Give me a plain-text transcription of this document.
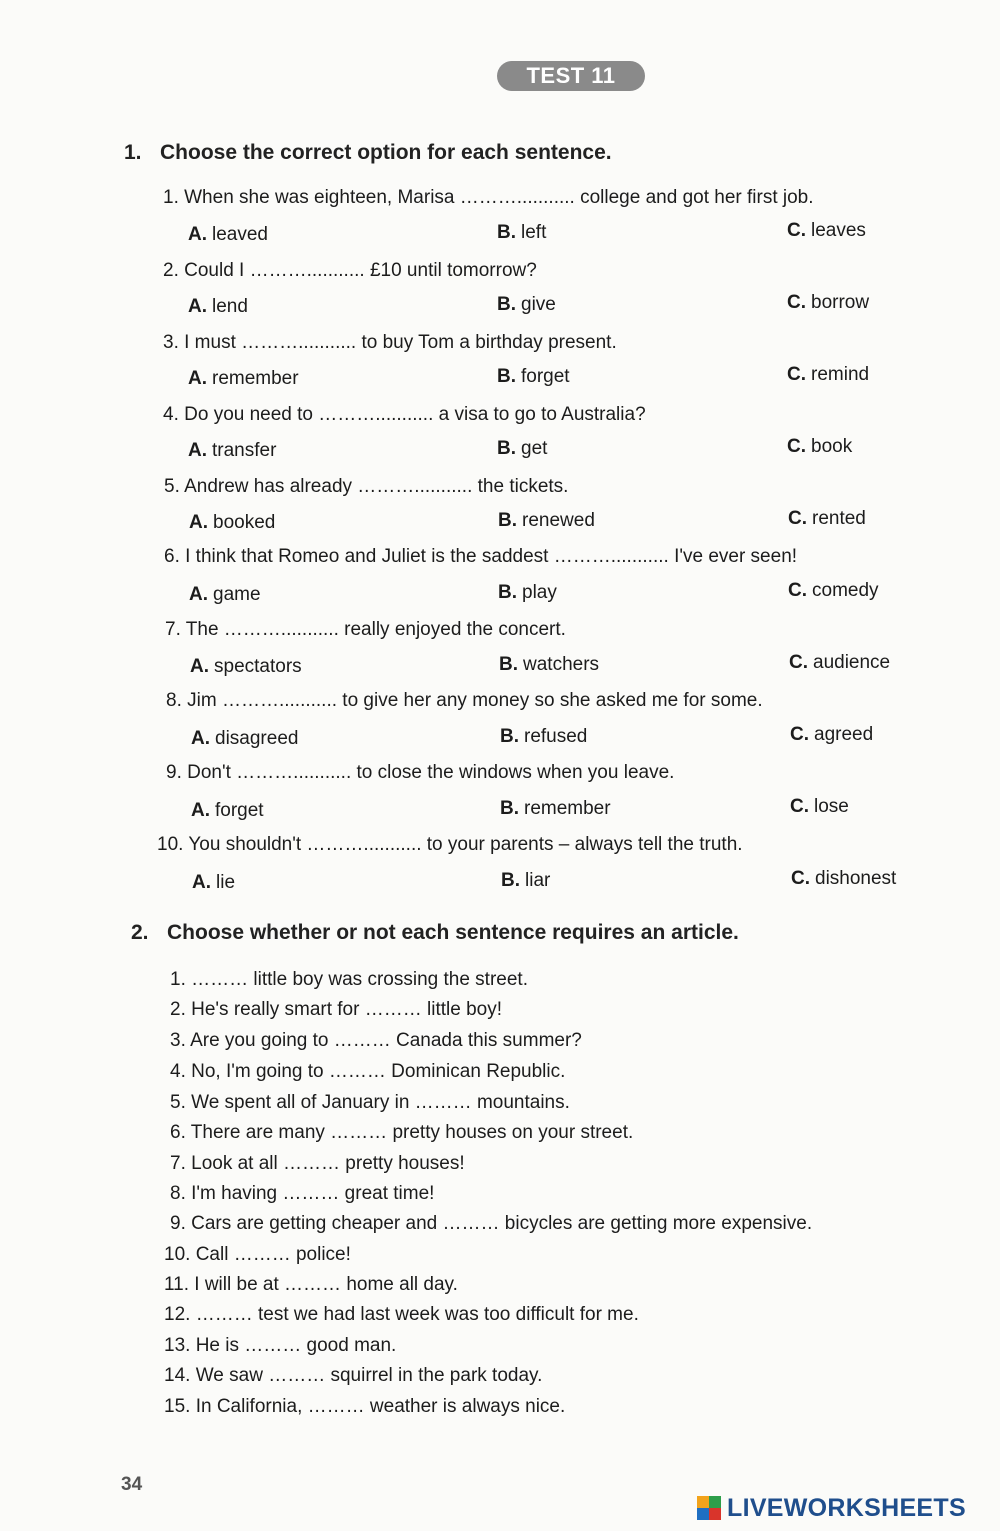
TEST 11
1. Choose the correct option for each sentence.
1. When she was eighteen, Marisa ………........... college and got her first job.
A. leaved	B. left	C. leaves
2. Could I ………........... £10 until tomorrow?
A. lend	B. give	C. borrow
3. I must ………........... to buy Tom a birthday present.
A. remember	B. forget	C. remind
4. Do you need to ………........... a visa to go to Australia?
A. transfer	B. get	C. book
5. Andrew has already ………........... the tickets.
A. booked	B. renewed	C. rented
6. I think that Romeo and Juliet is the saddest ………........... I've ever seen!
A. game	B. play	C. comedy
7. The ………........... really enjoyed the concert.
A. spectators	B. watchers	C. audience
8. Jim ………........... to give her any money so she asked me for some.
A. disagreed	B. refused	C. agreed
9. Don't ………........... to close the windows when you leave.
A. forget	B. remember	C. lose
10. You shouldn't ………........... to your parents – always tell the truth.
A. lie	B. liar	C. dishonest
2. Choose whether or not each sentence requires an article.
1. ……… little boy was crossing the street.
2. He's really smart for ……… little boy!
3. Are you going to ……… Canada this summer?
4. No, I'm going to ……… Dominican Republic.
5. We spent all of January in ……… mountains.
6. There are many ……… pretty houses on your street.
7. Look at all ……… pretty houses!
8. I'm having ……… great time!
9. Cars are getting cheaper and ……… bicycles are getting more expensive.
10. Call ……… police!
11. I will be at ……… home all day.
12. ……… test we had last week was too difficult for me.
13. He is ……… good man.
14. We saw ……… squirrel in the park today.
15. In California, ……… weather is always nice.
34
LIVEWORKSHEETS
